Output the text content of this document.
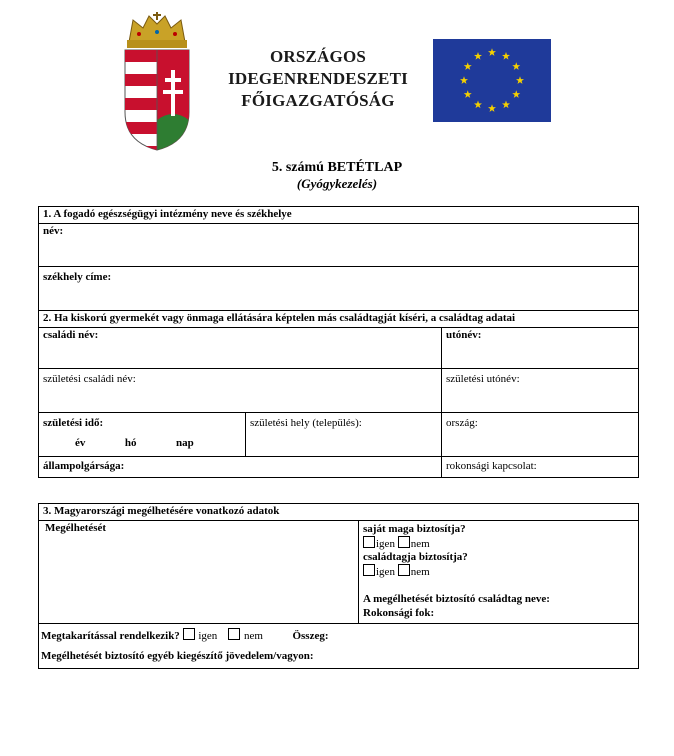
ORSZÁGOS
IDEGENRENDESZETI
FŐIGAZGATÓSÁG
5. számú BETÉTLAP
(Gyógykezelés)
1. A fogadó egészségügyi intézmény neve és székhelye		
név:		
székhely címe:		
2. Ha kiskorú gyermekét vagy önmaga ellátására képtelen más családtagját kíséri, a családtag adatai		
családi név:		utónév:
születési családi név:		születési utónév:

születési idő:
év hó nap	születési hely (település):	ország:
állampolgársága:		rokonsági kapcsolat:
3. Magyarországi megélhetésére vonatkozó adatok
Megélhetését	saját maga biztosítja?
igen nem
családtagja biztosítja?
igen nem
A megélhetését biztosító családtag neve:
Rokonsági fok:

Megtakarítással rendelkezik? igen nem	Összeg:
Megélhetését biztosító egyéb kiegészítő jövedelem/vagyon:
